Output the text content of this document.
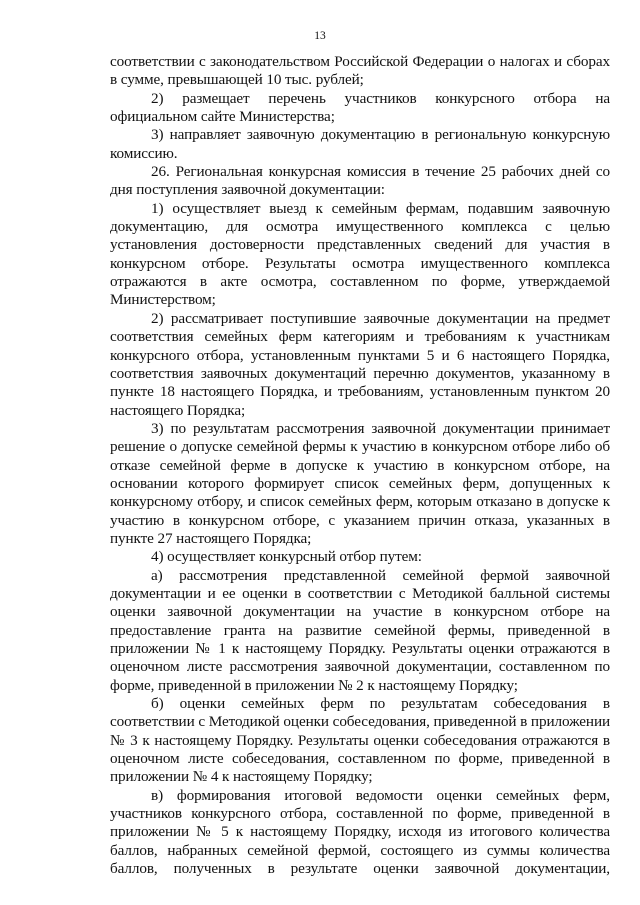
13

соответствии с законодательством Российской Федерации о налогах и сборах в сумме, превышающей 10 тыс. рублей;

2) размещает перечень участников конкурсного отбора на официальном сайте Министерства;

3) направляет заявочную документацию в региональную конкурсную комиссию.

26. Региональная конкурсная комиссия в течение 25 рабочих дней со дня поступления заявочной документации:

1) осуществляет выезд к семейным фермам, подавшим заявочную документацию, для осмотра имущественного комплекса с целью установления достоверности представленных сведений для участия в конкурсном отборе. Результаты осмотра имущественного комплекса отражаются в акте осмотра, составленном по форме, утверждаемой Министерством;

2) рассматривает поступившие заявочные документации на предмет соответствия семейных ферм категориям и требованиям к участникам конкурсного отбора, установленным пунктами 5 и 6 настоящего Порядка, соответствия заявочных документаций перечню документов, указанному в пункте 18 настоящего Порядка, и требованиям, установленным пунктом 20 настоящего Порядка;

3) по результатам рассмотрения заявочной документации принимает решение о допуске семейной фермы к участию в конкурсном отборе либо об отказе семейной ферме в допуске к участию в конкурсном отборе, на основании которого формирует список семейных ферм, допущенных к конкурсному отбору, и список семейных ферм, которым отказано в допуске к участию в конкурсном отборе, с указанием причин отказа, указанных в пункте 27 настоящего Порядка;

4) осуществляет конкурсный отбор путем:

а) рассмотрения представленной семейной фермой заявочной документации и ее оценки в соответствии с Методикой балльной системы оценки заявочной документации на участие в конкурсном отборе на предоставление гранта на развитие семейной фермы, приведенной в приложении № 1 к настоящему Порядку. Результаты оценки отражаются в оценочном листе рассмотрения заявочной документации, составленном по форме, приведенной в приложении № 2 к настоящему Порядку;

б) оценки семейных ферм по результатам собеседования в соответствии с Методикой оценки собеседования, приведенной в приложении № 3 к настоящему Порядку. Результаты оценки собеседования отражаются в оценочном листе собеседования, составленном по форме, приведенной в приложении № 4 к настоящему Порядку;

в) формирования итоговой ведомости оценки семейных ферм, участников конкурсного отбора, составленной по форме, приведенной в приложении № 5 к настоящему Порядку, исходя из итогового количества баллов, набранных семейной фермой, состоящего из суммы количества баллов, полученных в результате оценки заявочной документации,
